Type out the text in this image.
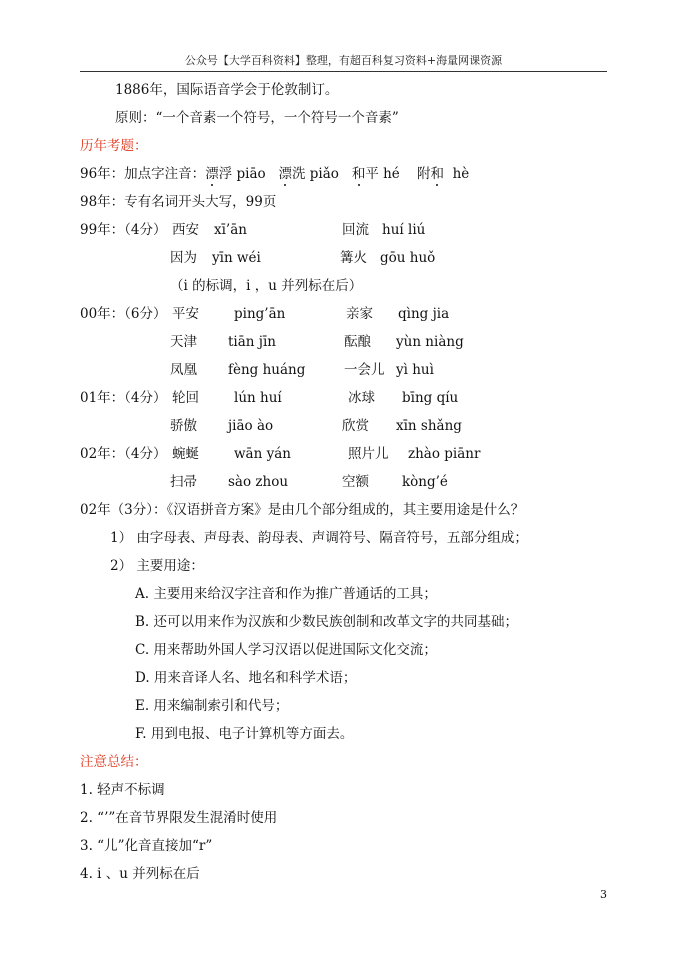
公众号【大学百科资料】整理，有超百科复习资料+海量网课资源
1886年，国际语音学会于伦敦制订。
原则：“一个音素一个符号，一个符号一个音素”
历年考题：
96年：加点字注音：漂浮 piāo 漂洗 piǎo 和平 hé 附和 hè
98年：专有名词开头大写，99页
99年：（4分） 西安 xī’ān	回流 huí liú
因为 yīn wéi	篝火 gōu huǒ
（i 的标调，i ，u 并列标在后）
00年：（6分） 平安	ping’ān	亲家 qìng jia
天津 tiān jīn	酝酿 yùn niàng
凤凰 fèng huáng	一会儿 yì huì
01年：（4分） 轮回	lún huí	冰球 bīng qíu
骄傲 jiāo ào	欣赏 xīn shǎng
02年：（4分） 蜿蜒	wān yán	照片儿 zhào piānr
扫帚 sào zhou	空额 kòng’é
02年（3分）：《汉语拼音方案》是由几个部分组成的，其主要用途是什么？
1） 由字母表、声母表、韵母表、声调符号、隔音符号，五部分组成；
2） 主要用途：
A. 主要用来给汉字注音和作为推广普通话的工具；
B. 还可以用来作为汉族和少数民族创制和改革文字的共同基础；
C. 用来帮助外国人学习汉语以促进国际文化交流；
D. 用来音译人名、地名和科学术语；
E. 用来编制索引和代号；
F. 用到电报、电子计算机等方面去。
注意总结：
1. 轻声不标调
2. “’”在音节界限发生混淆时使用
3. “儿”化音直接加“r”
4. i 、u 并列标在后
3
